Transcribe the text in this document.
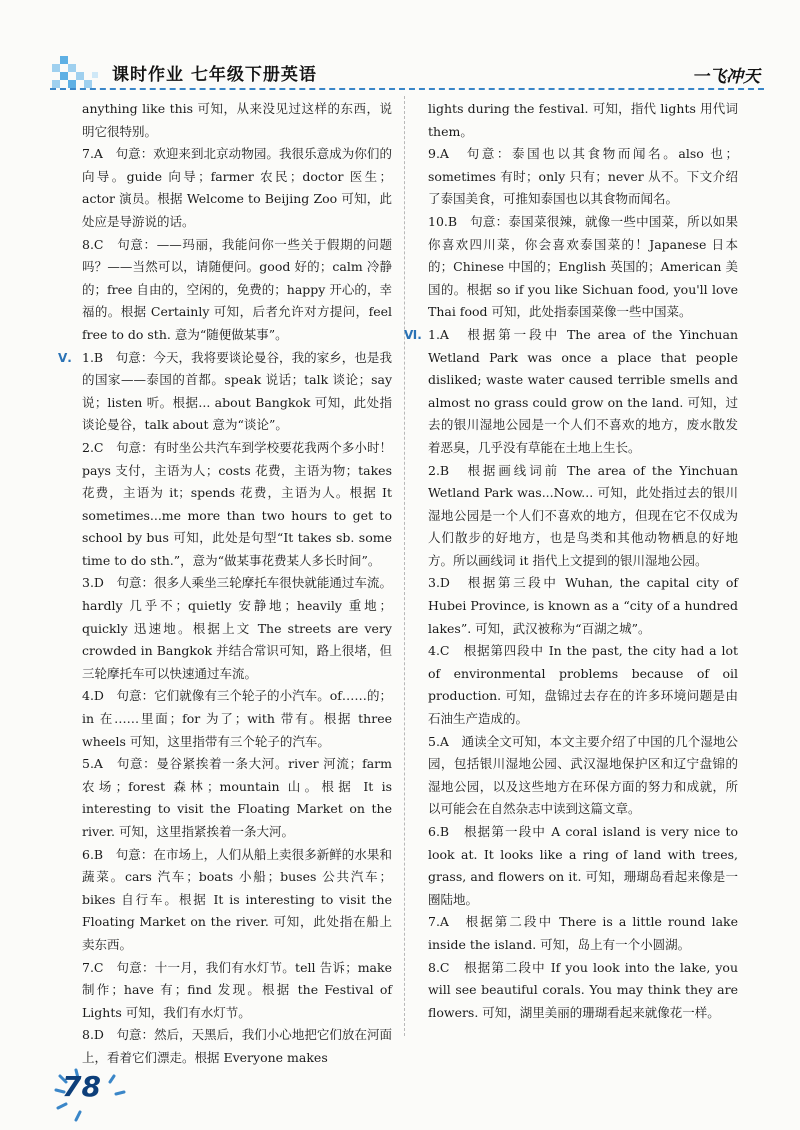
课时作业 七年级下册英语	一飞冲天

anything like this 可知，从来没见过这样的东西，说明它很特别。

7.A　句意：欢迎来到北京动物园。我很乐意成为你们的向导。guide 向导；farmer 农民；doctor 医生；actor 演员。根据 Welcome to Beijing Zoo 可知，此处应是导游说的话。

8.C　句意：——玛丽，我能问你一些关于假期的问题吗？——当然可以，请随便问。good 好的；calm 冷静的；free 自由的，空闲的，免费的；happy 开心的，幸福的。根据 Certainly 可知，后者允许对方提问，feel free to do sth. 意为“随便做某事”。

Ⅴ. 1.B　句意：今天，我将要谈论曼谷，我的家乡，也是我的国家——泰国的首都。speak 说话；talk 谈论；say 说；listen 听。根据... about Bangkok 可知，此处指谈论曼谷，talk about 意为“谈论”。

2.C　句意：有时坐公共汽车到学校要花我两个多小时！pays 支付，主语为人；costs 花费，主语为物；takes 花费，主语为 it；spends 花费，主语为人。根据 It sometimes...me more than two hours to get to school by bus 可知，此处是句型“It takes sb. some time to do sth.”，意为“做某事花费某人多长时间”。

3.D　句意：很多人乘坐三轮摩托车很快就能通过车流。hardly 几乎不；quietly 安静地；heavily 重地；quickly 迅速地。根据上文 The streets are very crowded in Bangkok 并结合常识可知，路上很堵，但三轮摩托车可以快速通过车流。

4.D　句意：它们就像有三个轮子的小汽车。of……的；in 在……里面；for 为了；with 带有。根据 three wheels 可知，这里指带有三个轮子的汽车。

5.A　句意：曼谷紧挨着一条大河。river 河流；farm 农场；forest 森林；mountain 山。根据 It is interesting to visit the Floating Market on the river. 可知，这里指紧挨着一条大河。

6.B　句意：在市场上，人们从船上卖很多新鲜的水果和蔬菜。cars 汽车；boats 小船；buses 公共汽车；bikes 自行车。根据 It is interesting to visit the Floating Market on the river. 可知，此处指在船上卖东西。

7.C　句意：十一月，我们有水灯节。tell 告诉；make 制作；have 有；find 发现。根据 the Festival of Lights 可知，我们有水灯节。

8.D　句意：然后，天黑后，我们小心地把它们放在河面上，看着它们漂走。根据 Everyone makes

lights during the festival. 可知，指代 lights 用代词 them。

9.A　句意：泰国也以其食物而闻名。also 也；sometimes 有时；only 只有；never 从不。下文介绍了泰国美食，可推知泰国也以其食物而闻名。

10.B　句意：泰国菜很辣，就像一些中国菜，所以如果你喜欢四川菜，你会喜欢泰国菜的！Japanese 日本的；Chinese 中国的；English 英国的；American 美国的。根据 so if you like Sichuan food, you'll love Thai food 可知，此处指泰国菜像一些中国菜。

Ⅵ. 1.A　根据第一段中 The area of the Yinchuan Wetland Park was once a place that people disliked; waste water caused terrible smells and almost no grass could grow on the land. 可知，过去的银川湿地公园是一个人们不喜欢的地方，废水散发着恶臭，几乎没有草能在土地上生长。

2.B　根据画线词前 The area of the Yinchuan Wetland Park was...Now... 可知，此处指过去的银川湿地公园是一个人们不喜欢的地方，但现在它不仅成为人们散步的好地方，也是鸟类和其他动物栖息的好地方。所以画线词 it 指代上文提到的银川湿地公园。

3.D　根据第三段中 Wuhan, the capital city of Hubei Province, is known as a “city of a hundred lakes”. 可知，武汉被称为“百湖之城”。

4.C　根据第四段中 In the past, the city had a lot of environmental problems because of oil production. 可知，盘锦过去存在的许多环境问题是由石油生产造成的。

5.A　通读全文可知，本文主要介绍了中国的几个湿地公园，包括银川湿地公园、武汉湿地保护区和辽宁盘锦的湿地公园，以及这些地方在环保方面的努力和成就，所以可能会在自然杂志中读到这篇文章。

6.B　根据第一段中 A coral island is very nice to look at. It looks like a ring of land with trees, grass, and flowers on it. 可知，珊瑚岛看起来像是一圈陆地。

7.A　根据第二段中 There is a little round lake inside the island. 可知，岛上有一个小圆湖。

8.C　根据第二段中 If you look into the lake, you will see beautiful corals. You may think they are flowers. 可知，湖里美丽的珊瑚看起来就像花一样。

78
